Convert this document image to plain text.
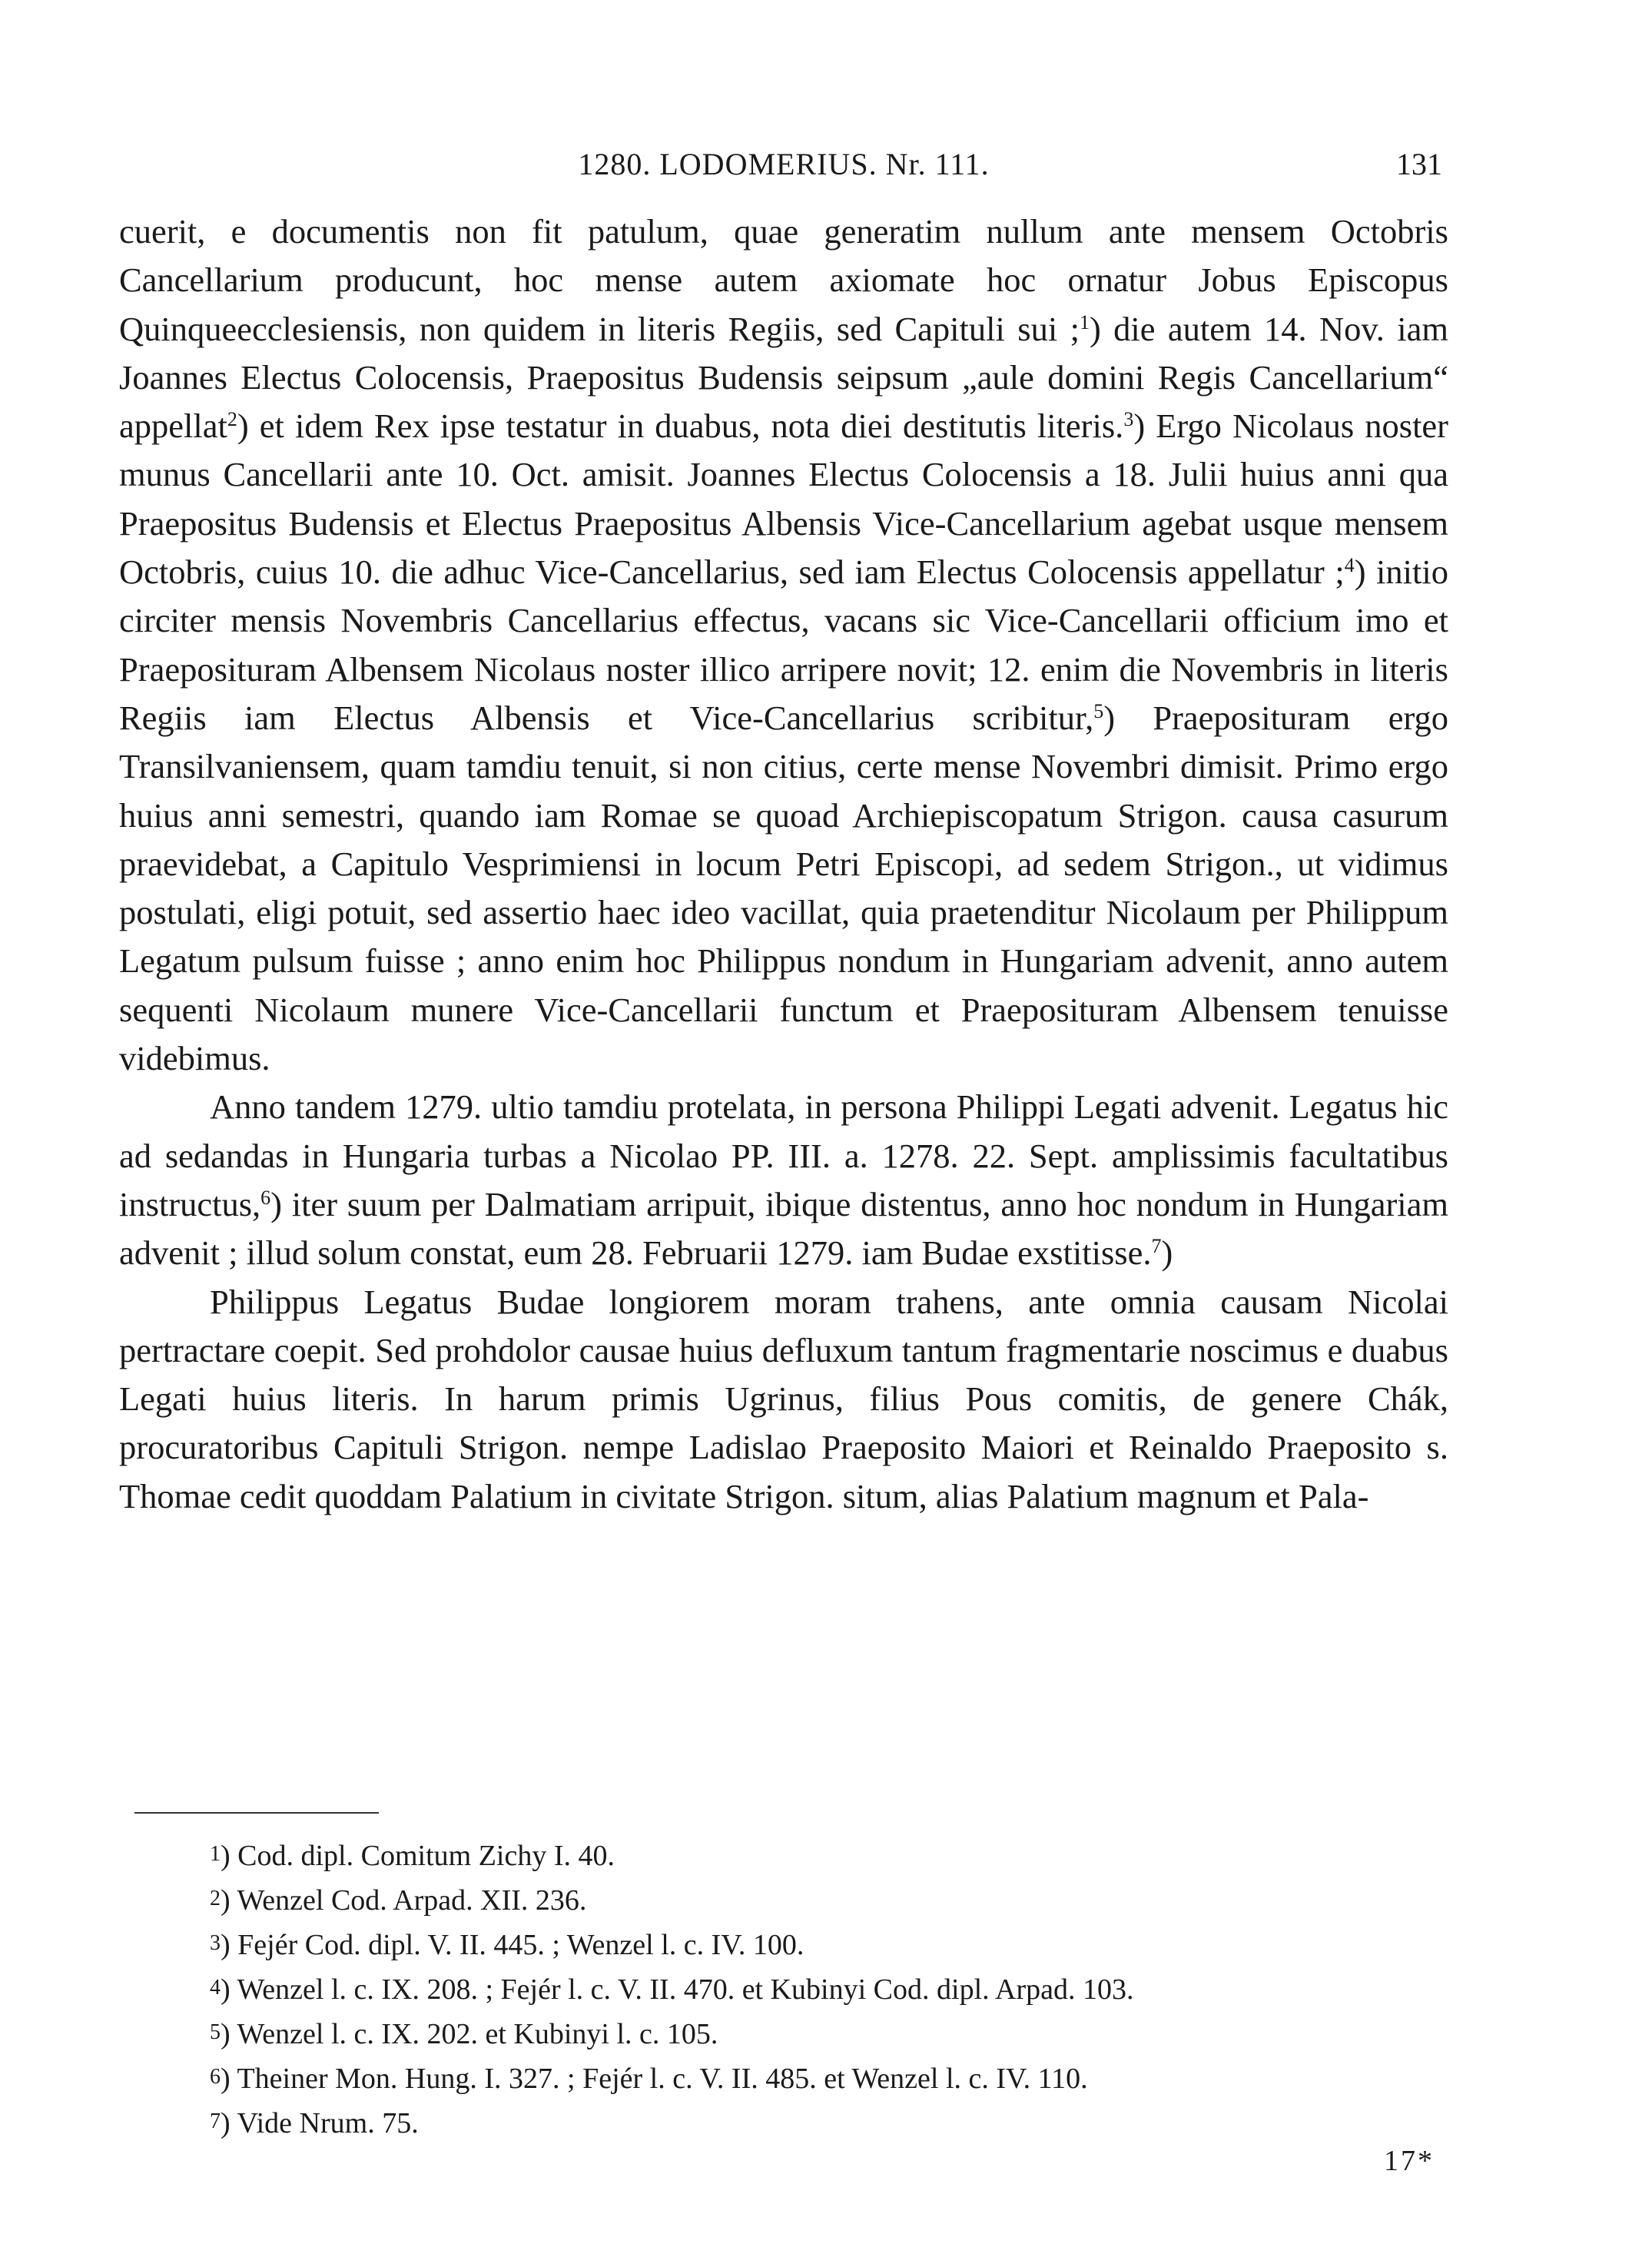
1280. LODOMERIUS. Nr. 111.	131

cuerit, e documentis non fit patulum, quae generatim nullum ante mensem Octobris Cancellarium producunt, hoc mense autem axiomate hoc ornatur Jobus Episcopus Quinqueecclesiensis, non quidem in literis Regiis, sed Capituli sui ;$^1$) die autem 14. Nov. iam Joannes Electus Colocensis, Praepositus Budensis seipsum „aule domini Regis Cancellarium“ appellat$^2$) et idem Rex ipse testatur in duabus, nota diei destitutis literis.$^3$) Ergo Nicolaus noster munus Cancellarii ante 10. Oct. amisit. Joannes Electus Colocensis a 18. Julii huius anni qua Praepositus Budensis et Electus Praepositus Albensis Vice-Cancellarium agebat usque mensem Octobris, cuius 10. die adhuc Vice-Cancellarius, sed iam Electus Colocensis appellatur ;$^4$) initio circiter mensis Novembris Cancellarius effectus, vacans sic Vice-Cancellarii officium imo et Praeposituram Albensem Nicolaus noster illico arripere novit; 12. enim die Novembris in literis Regiis iam Electus Albensis et Vice-Cancellarius scribitur,$^5$) Praeposituram ergo Transilvaniensem, quam tamdiu tenuit, si non citius, certe mense Novembri dimisit. Primo ergo huius anni semestri, quando iam Romae se quoad Archiepiscopatum Strigon. causa casurum praevidebat, a Capitulo Vesprimiensi in locum Petri Episcopi, ad sedem Strigon., ut vidimus postulati, eligi potuit, sed assertio haec ideo vacillat, quia praetenditur Nicolaum per Philippum Legatum pulsum fuisse ; anno enim hoc Philippus nondum in Hungariam advenit, anno autem sequenti Nicolaum munere Vice-Cancellarii functum et Praeposituram Albensem tenuisse videbimus.

Anno tandem 1279. ultio tamdiu protelata, in persona Philippi Legati advenit. Legatus hic ad sedandas in Hungaria turbas a Nicolao PP. III. a. 1278. 22. Sept. amplissimis facultatibus instructus,$^6$) iter suum per Dalmatiam arripuit, ibique distentus, anno hoc nondum in Hungariam advenit ; illud solum constat, eum 28. Februarii 1279. iam Budae exstitisse.$^7$)

Philippus Legatus Budae longiorem moram trahens, ante omnia causam Nicolai pertractare coepit. Sed prohdolor causae huius defluxum tantum fragmentarie noscimus e duabus Legati huius literis. In harum primis Ugrinus, filius Pous comitis, de genere Chák, procuratoribus Capituli Strigon. nempe Ladislao Praeposito Maiori et Reinaldo Praeposito s. Thomae cedit quoddam Palatium in civitate Strigon. situm, alias Palatium magnum et Pala-

1) Cod. dipl. Comitum Zichy I. 40.

2) Wenzel Cod. Arpad. XII. 236.

3) Fejér Cod. dipl. V. II. 445. ; Wenzel l. c. IV. 100.

4) Wenzel l. c. IX. 208. ; Fejér l. c. V. II. 470. et Kubinyi Cod. dipl. Arpad. 103.

5) Wenzel l. c. IX. 202. et Kubinyi l. c. 105.

6) Theiner Mon. Hung. I. 327. ; Fejér l. c. V. II. 485. et Wenzel l. c. IV. 110.

7) Vide Nrum. 75.

17*
